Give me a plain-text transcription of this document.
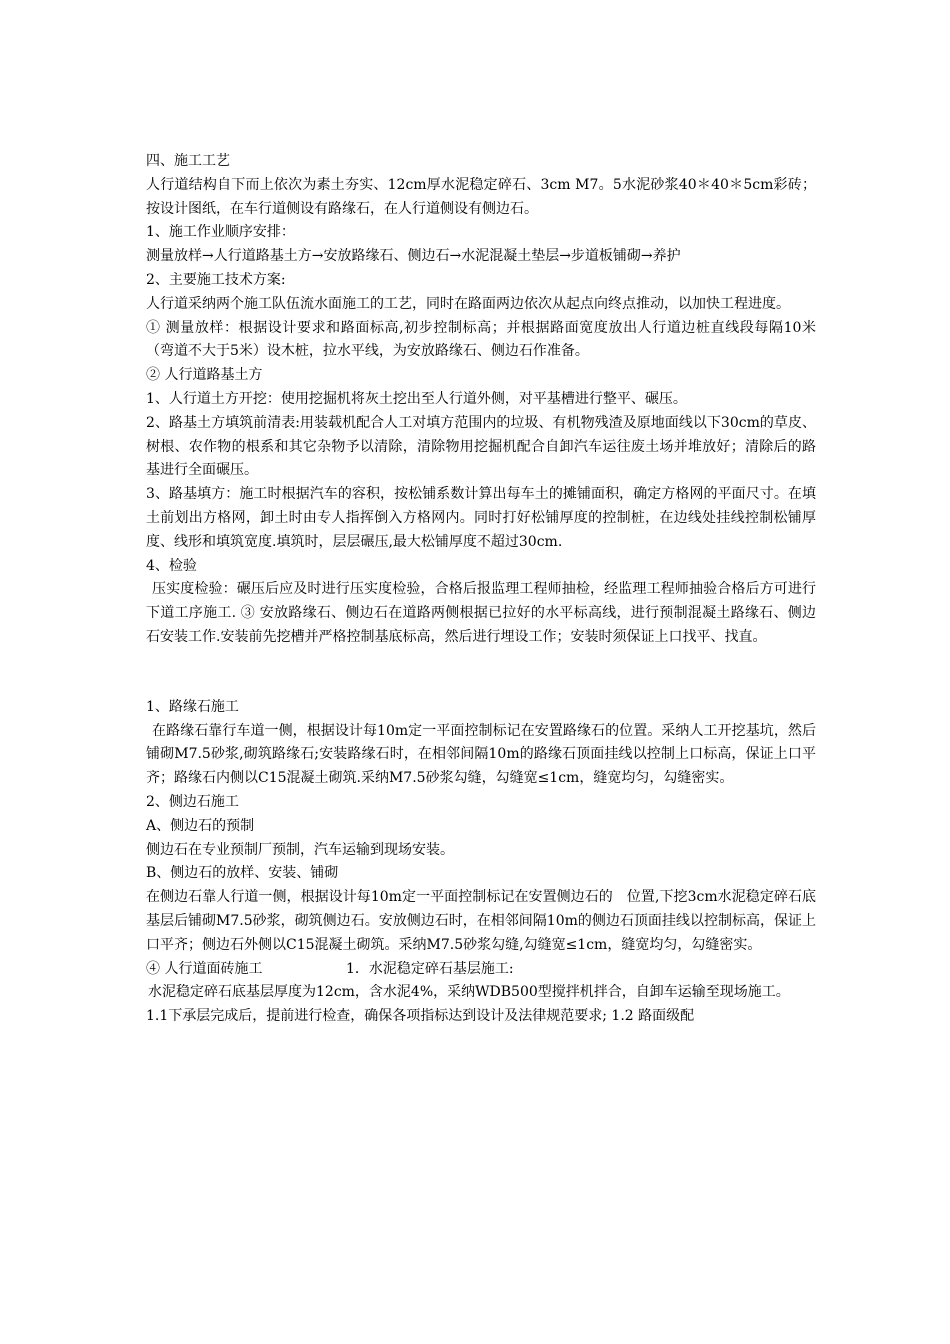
四、施工工艺

人行道结构自下而上依次为素土夯实、12cm厚水泥稳定碎石、3cm M7。5水泥砂浆40＊40＊5cm彩砖；按设计图纸，在车行道侧设有路缘石，在人行道侧设有侧边石。

1、施工作业顺序安排：

测量放样→人行道路基土方→安放路缘石、侧边石→水泥混凝土垫层→步道板铺砌→养护

2、主要施工技术方案:

人行道采纳两个施工队伍流水面施工的工艺，同时在路面两边依次从起点向终点推动，以加快工程进度。

① 测量放样：根据设计要求和路面标高,初步控制标高；并根据路面宽度放出人行道边桩直线段每隔10米（弯道不大于5米）设木桩，拉水平线，为安放路缘石、侧边石作准备。

② 人行道路基土方

1、人行道土方开挖：使用挖掘机将灰土挖出至人行道外侧，对平基槽进行整平、碾压。

2、路基土方填筑前清表:用装载机配合人工对填方范围内的垃圾、有机物残渣及原地面线以下30cm的草皮、树根、农作物的根系和其它杂物予以清除，清除物用挖掘机配合自卸汽车运往废土场并堆放好；清除后的路基进行全面碾压。

3、路基填方：施工时根据汽车的容积，按松铺系数计算出每车土的摊铺面积，确定方格网的平面尺寸。在填土前划出方格网，卸土时由专人指挥倒入方格网内。同时打好松铺厚度的控制桩，在边线处挂线控制松铺厚度、线形和填筑宽度.填筑时，层层碾压,最大松铺厚度不超过30cm.

4、检验

压实度检验：碾压后应及时进行压实度检验，合格后报监理工程师抽检，经监理工程师抽验合格后方可进行下道工序施工. ③ 安放路缘石、侧边石在道路两侧根据已拉好的水平标高线，进行预制混凝土路缘石、侧边石安装工作.安装前先挖槽并严格控制基底标高，然后进行埋设工作；安装时须保证上口找平、找直。

1、路缘石施工

在路缘石靠行车道一侧，根据设计每10m定一平面控制标记在安置路缘石的位置。采纳人工开挖基坑，然后铺砌M7.5砂浆,砌筑路缘石;安装路缘石时，在相邻间隔10m的路缘石顶面挂线以控制上口标高，保证上口平齐；路缘石内侧以C15混凝土砌筑.采纳M7.5砂浆勾缝，勾缝宽≤1cm，缝宽均匀，勾缝密实。

2、侧边石施工

A、侧边石的预制

侧边石在专业预制厂预制，汽车运输到现场安装。

B、侧边石的放样、安装、铺砌

在侧边石靠人行道一侧，根据设计每10m定一平面控制标记在安置侧边石的　位置,下挖3cm水泥稳定碎石底基层后铺砌M7.5砂浆，砌筑侧边石。安放侧边石时，在相邻间隔10m的侧边石顶面挂线以控制标高，保证上口平齐；侧边石外侧以C15混凝土砌筑。采纳M7.5砂浆勾缝,勾缝宽≤1cm，缝宽均匀，勾缝密实。

④ 人行道面砖施工	1．水泥稳定碎石基层施工:

水泥稳定碎石底基层厚度为12cm，含水泥4%，采纳WDB500型搅拌机拌合，自卸车运输至现场施工。

1.1下承层完成后，提前进行检查，确保各项指标达到设计及法律规范要求; 1.2 路面级配
